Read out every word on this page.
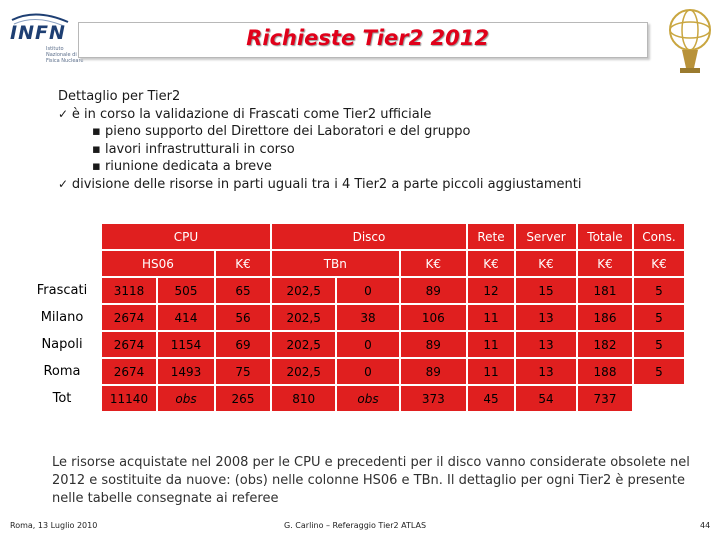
INFN
Istituto Nazionale di Fisica Nucleare
Richieste Tier2 2012
Dettaglio per Tier2
✓ è in corso la validazione di Frascati come Tier2 ufficiale
▪ pieno supporto del Direttore dei Laboratori e del gruppo
▪ lavori infrastrutturali in corso
▪ riunione dedicata a breve
✓ divisione delle risorse in parti uguali tra i 4 Tier2 a parte piccoli aggiustamenti
	CPU			Disco			Rete	Server	Totale	Cons.
	HS06		K€	TBn		K€	K€	K€	K€	K€
Frascati	3118	505	65	202,5	0	89	12	15	181	5
Milano	2674	414	56	202,5	38	106	11	13	186	5
Napoli	2674	1154	69	202,5	0	89	11	13	182	5
Roma	2674	1493	75	202,5	0	89	11	13	188	5
Tot	11140	obs	265	810	obs	373	45	54	737	
Le risorse acquistate nel 2008 per le CPU e precedenti per il disco vanno considerate obsolete nel 2012 e sostituite da nuove: (obs) nelle colonne HS06 e TBn. Il dettaglio per ogni Tier2 è presente nelle tabelle consegnate ai referee
Roma, 13 Luglio 2010	G. Carlino – Referaggio Tier2 ATLAS	44
